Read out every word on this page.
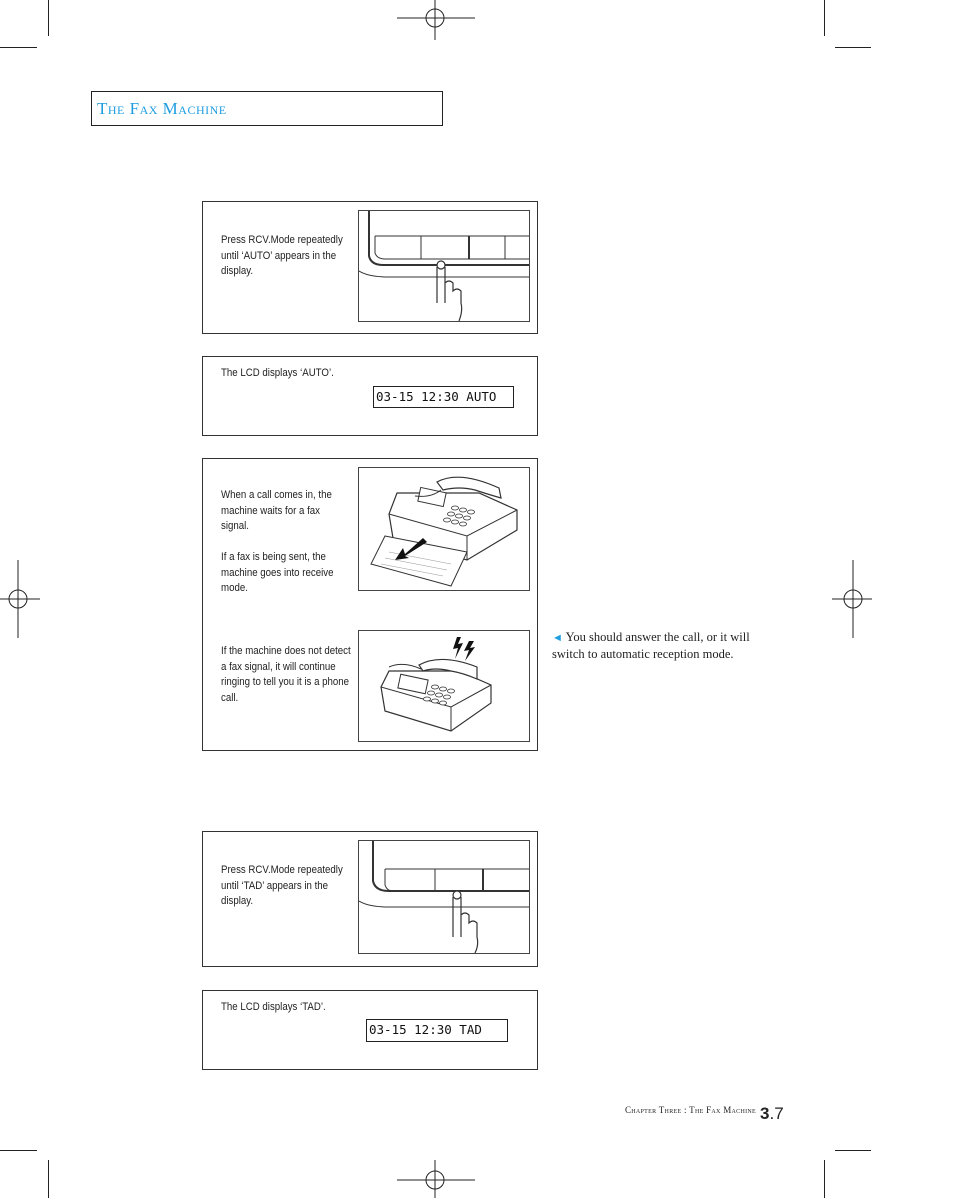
The Fax Machine
Press RCV.Mode repeatedly until ‘AUTO’ appears in the display.
The LCD displays ‘AUTO’.
03-15 12:30 AUTO
When a call comes in, the machine waits for a fax signal.
If a fax is being sent, the machine goes into receive mode.
If the machine does not detect a fax signal, it will continue ringing to tell you it is a phone call.
◄ You should answer the call, or it will switch to automatic reception mode.
Press RCV.Mode repeatedly until ‘TAD’ appears in the display.
The LCD displays ‘TAD’.
03-15 12:30 TAD
Chapter Three : The Fax Machine 3.7
